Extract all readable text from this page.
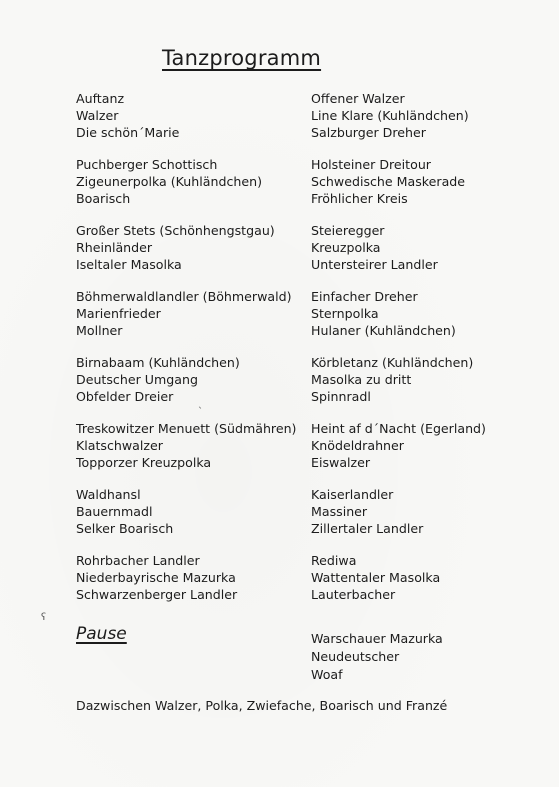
Tanzprogramm
Auftanz
Walzer
Die schön´Marie
Puchberger Schottisch
Zigeunerpolka (Kuhländchen)
Boarisch
Großer Stets (Schönhengstgau)
Rheinländer
Iseltaler Masolka
Böhmerwaldlandler (Böhmerwald)
Marienfrieder
Mollner
Birnabaam (Kuhländchen)
Deutscher Umgang
Obfelder Dreier
Treskowitzer Menuett (Südmähren)
Klatschwalzer
Topporzer Kreuzpolka
Waldhansl
Bauernmadl
Selker Boarisch
Rohrbacher Landler
Niederbayrische Mazurka
Schwarzenberger Landler
Offener Walzer
Line Klare (Kuhländchen)
Salzburger Dreher
Holsteiner Dreitour
Schwedische Maskerade
Fröhlicher Kreis
Steieregger
Kreuzpolka
Untersteirer Landler
Einfacher Dreher
Sternpolka
Hulaner (Kuhländchen)
Körbletanz (Kuhländchen)
Masolka zu dritt
Spinnradl
Heint af d´Nacht (Egerland)
Knödeldrahner
Eiswalzer
Kaiserlandler
Massiner
Zillertaler Landler
Rediwa
Wattentaler Masolka
Lauterbacher
Pause	Warschauer Mazurka
Neudeutscher
Woaf
Dazwischen Walzer, Polka, Zwiefache, Boarisch und Franzé
ʕ
ˎ
